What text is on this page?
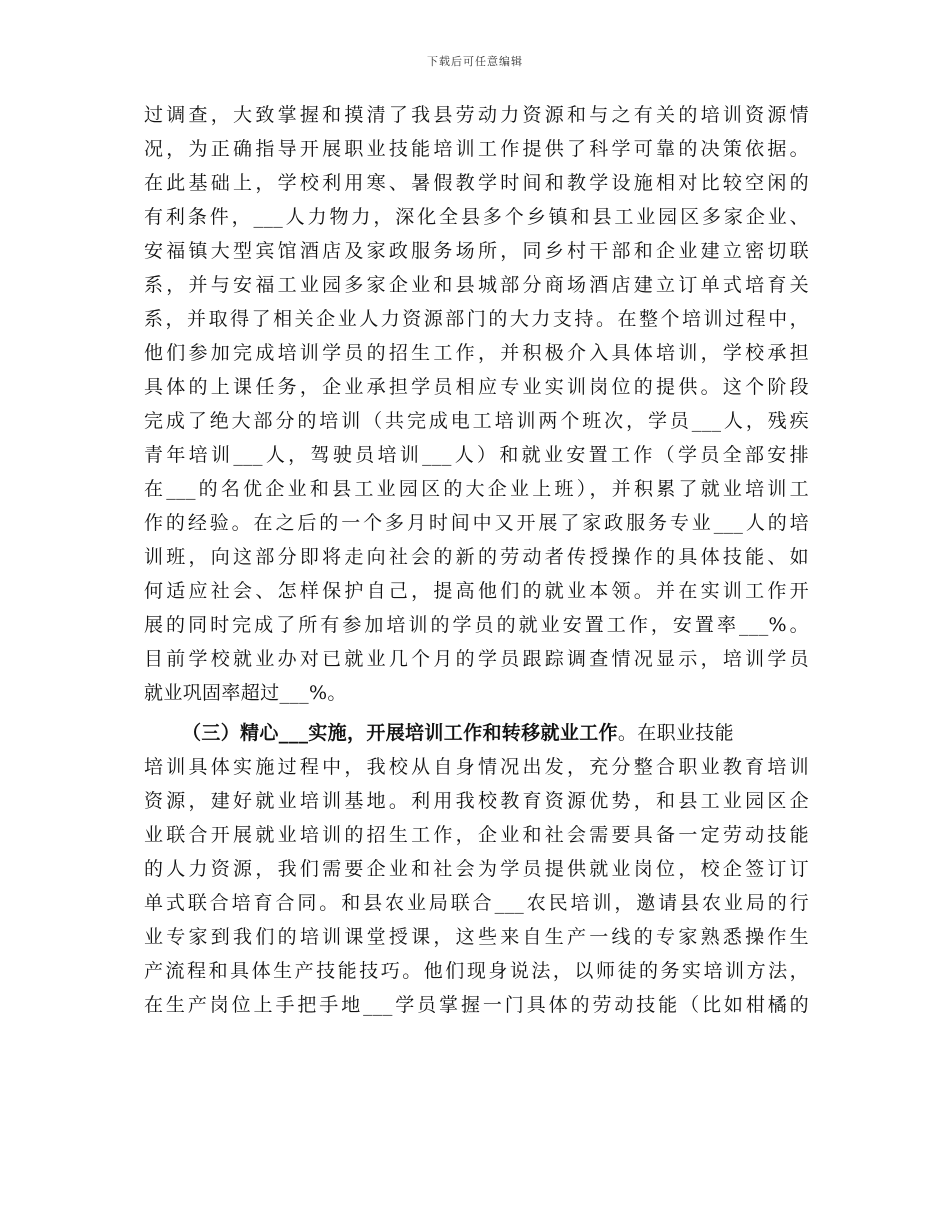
下载后可任意编辑
过调查，大致掌握和摸清了我县劳动力资源和与之有关的培训资源情
况，为正确指导开展职业技能培训工作提供了科学可靠的决策依据。
在此基础上，学校利用寒、暑假教学时间和教学设施相对比较空闲的
有利条件，___人力物力，深化全县多个乡镇和县工业园区多家企业、
安福镇大型宾馆酒店及家政服务场所，同乡村干部和企业建立密切联
系，并与安福工业园多家企业和县城部分商场酒店建立订单式培育关
系，并取得了相关企业人力资源部门的大力支持。在整个培训过程中，
他们参加完成培训学员的招生工作，并积极介入具体培训，学校承担
具体的上课任务，企业承担学员相应专业实训岗位的提供。这个阶段
完成了绝大部分的培训（共完成电工培训两个班次，学员___人，残疾
青年培训___人，驾驶员培训___人）和就业安置工作（学员全部安排
在___的名优企业和县工业园区的大企业上班），并积累了就业培训工
作的经验。在之后的一个多月时间中又开展了家政服务专业___人的培
训班，向这部分即将走向社会的新的劳动者传授操作的具体技能、如
何适应社会、怎样保护自己，提高他们的就业本领。并在实训工作开
展的同时完成了所有参加培训的学员的就业安置工作，安置率___%。
目前学校就业办对已就业几个月的学员跟踪调查情况显示，培训学员
就业巩固率超过___%。
（三）精心___实施，开展培训工作和转移就业工作。在职业技能
培训具体实施过程中，我校从自身情况出发，充分整合职业教育培训
资源，建好就业培训基地。利用我校教育资源优势，和县工业园区企
业联合开展就业培训的招生工作，企业和社会需要具备一定劳动技能
的人力资源，我们需要企业和社会为学员提供就业岗位，校企签订订
单式联合培育合同。和县农业局联合___农民培训，邀请县农业局的行
业专家到我们的培训课堂授课，这些来自生产一线的专家熟悉操作生
产流程和具体生产技能技巧。他们现身说法，以师徒的务实培训方法，
在生产岗位上手把手地___学员掌握一门具体的劳动技能（比如柑橘的
